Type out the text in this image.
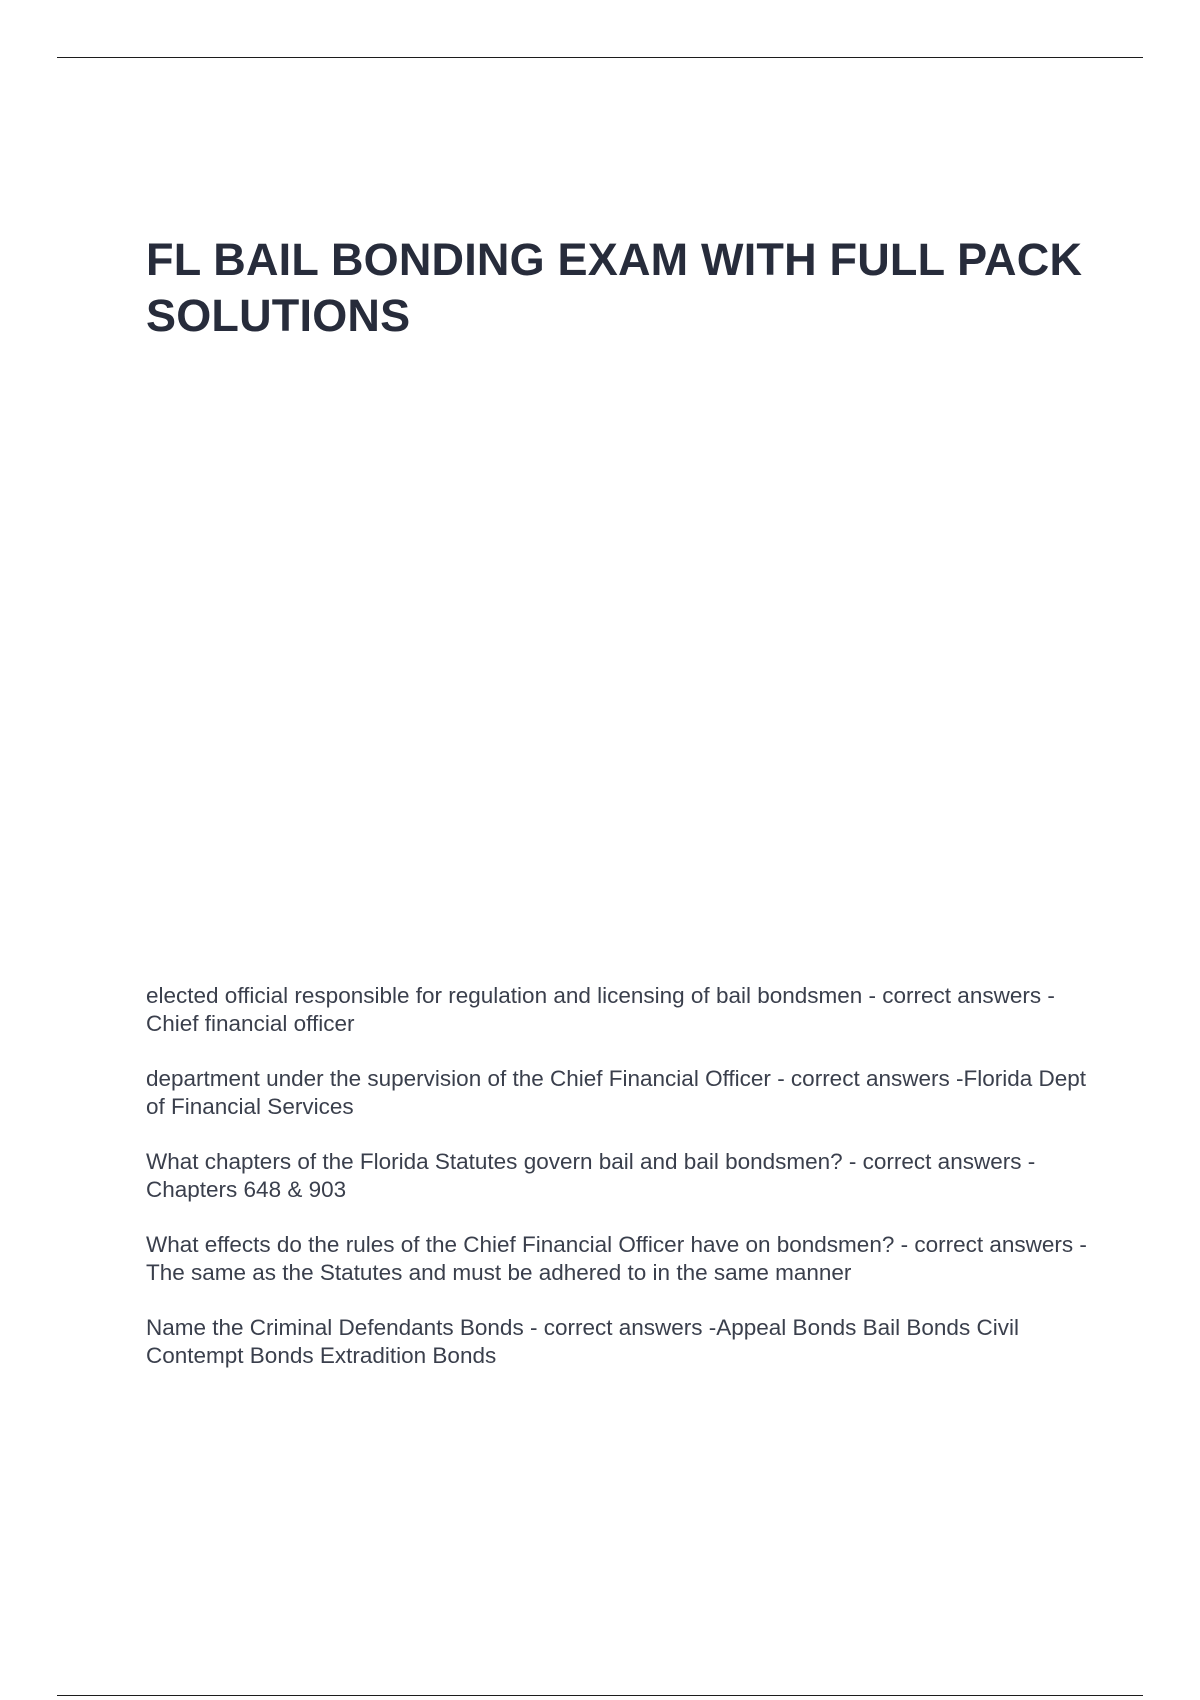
FL BAIL BONDING EXAM WITH FULL PACK SOLUTIONS
elected official responsible for regulation and licensing of bail bondsmen - correct answers -Chief financial officer
department under the supervision of the Chief Financial Officer - correct answers -Florida Dept of Financial Services
What chapters of the Florida Statutes govern bail and bail bondsmen? - correct answers -Chapters 648 & 903
What effects do the rules of the Chief Financial Officer have on bondsmen? - correct answers -The same as the Statutes and must be adhered to in the same manner
Name the Criminal Defendants Bonds - correct answers -Appeal Bonds Bail Bonds Civil Contempt Bonds Extradition Bonds
